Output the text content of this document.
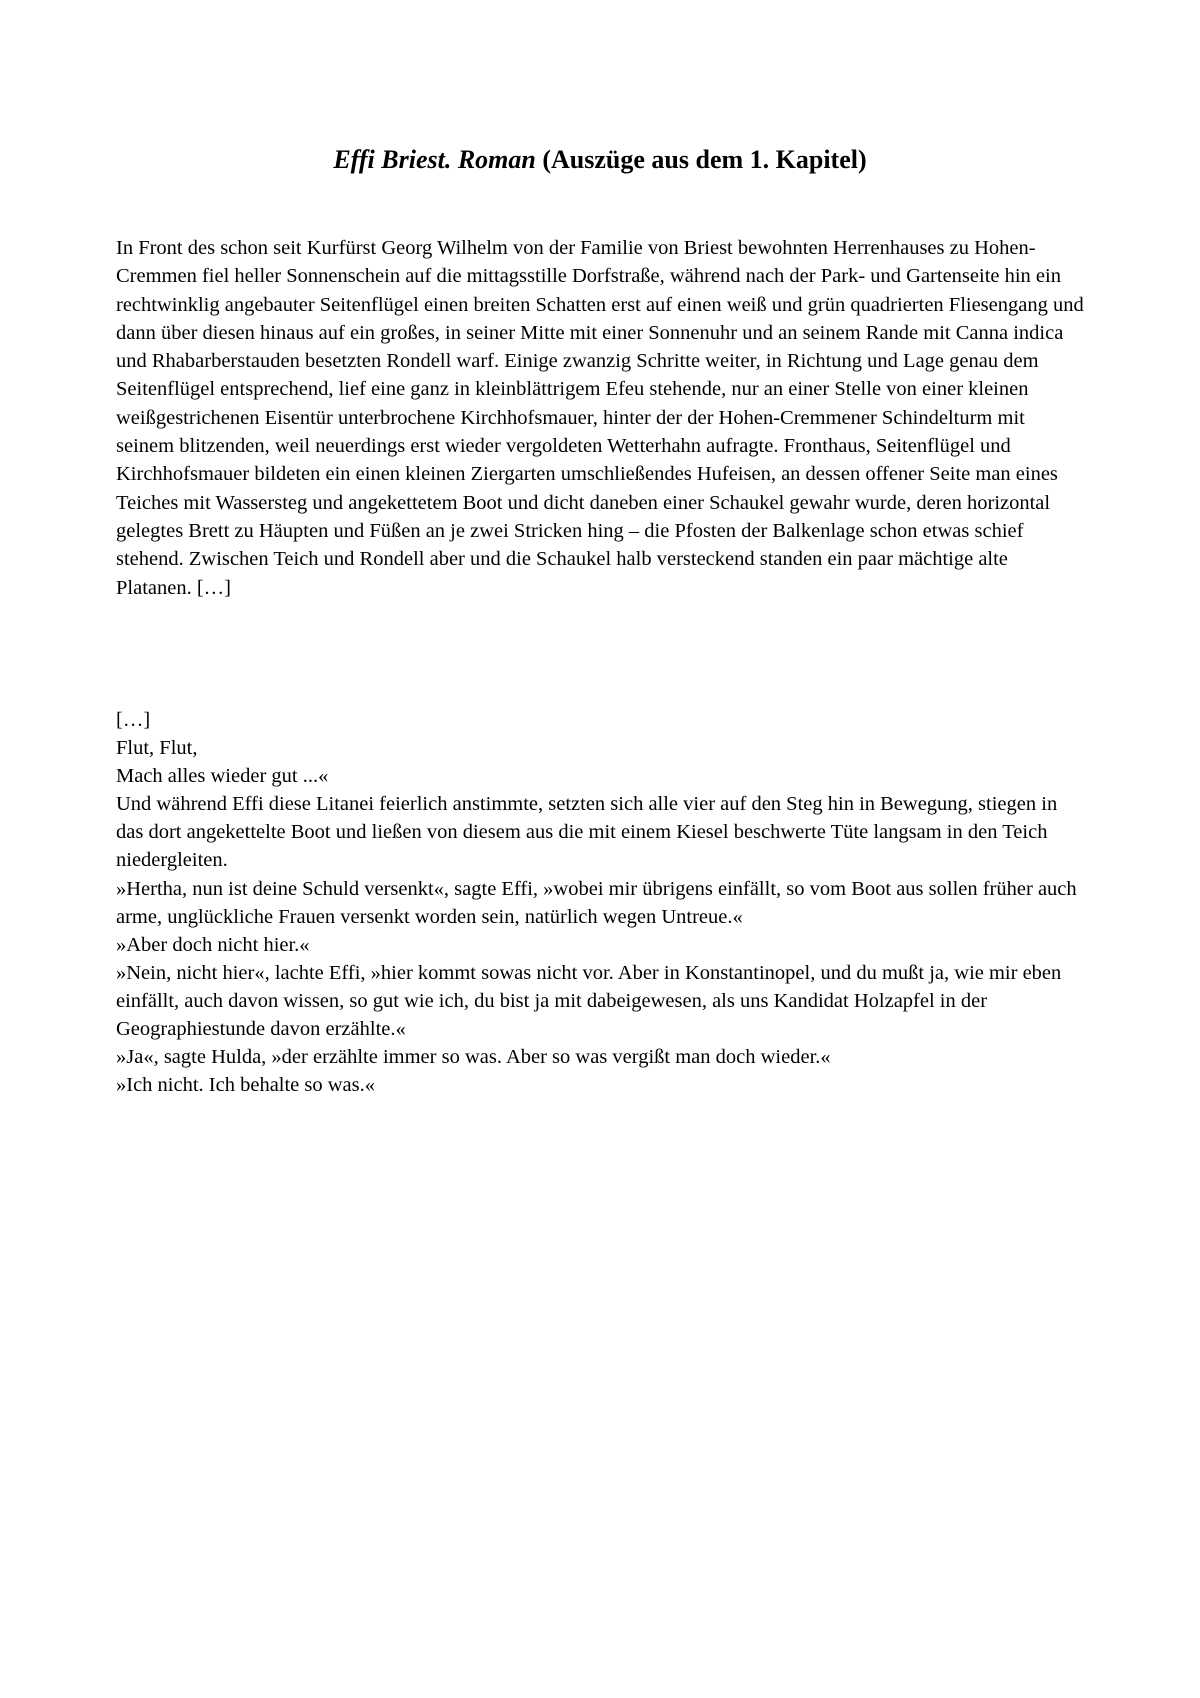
Effi Briest. Roman (Auszüge aus dem 1. Kapitel)

In Front des schon seit Kurfürst Georg Wilhelm von der Familie von Briest bewohnten Herrenhauses zu Hohen-Cremmen fiel heller Sonnenschein auf die mittagsstille Dorfstraße, während nach der Park- und Gartenseite hin ein rechtwinklig angebauter Seitenflügel einen breiten Schatten erst auf einen weiß und grün quadrierten Fliesengang und dann über diesen hinaus auf ein großes, in seiner Mitte mit einer Sonnenuhr und an seinem Rande mit Canna indica und Rhabarberstauden besetzten Rondell warf. Einige zwanzig Schritte weiter, in Richtung und Lage genau dem Seitenflügel entsprechend, lief eine ganz in kleinblättrigem Efeu stehende, nur an einer Stelle von einer kleinen weißgestrichenen Eisentür unterbrochene Kirchhofsmauer, hinter der der Hohen-Cremmener Schindelturm mit seinem blitzenden, weil neuerdings erst wieder vergoldeten Wetterhahn aufragte. Fronthaus, Seitenflügel und Kirchhofsmauer bildeten ein einen kleinen Ziergarten umschließendes Hufeisen, an dessen offener Seite man eines Teiches mit Wassersteg und angekettetem Boot und dicht daneben einer Schaukel gewahr wurde, deren horizontal gelegtes Brett zu Häupten und Füßen an je zwei Stricken hing – die Pfosten der Balkenlage schon etwas schief stehend. Zwischen Teich und Rondell aber und die Schaukel halb versteckend standen ein paar mächtige alte Platanen. […]

[…]
Flut, Flut,
Mach alles wieder gut ...«
Und während Effi diese Litanei feierlich anstimmte, setzten sich alle vier auf den Steg hin in Bewegung, stiegen in das dort angekettelte Boot und ließen von diesem aus die mit einem Kiesel beschwerte Tüte langsam in den Teich niedergleiten.
»Hertha, nun ist deine Schuld versenkt«, sagte Effi, »wobei mir übrigens einfällt, so vom Boot aus sollen früher auch arme, unglückliche Frauen versenkt worden sein, natürlich wegen Untreue.«
»Aber doch nicht hier.«
»Nein, nicht hier«, lachte Effi, »hier kommt sowas nicht vor. Aber in Konstantinopel, und du mußt ja, wie mir eben einfällt, auch davon wissen, so gut wie ich, du bist ja mit dabeigewesen, als uns Kandidat Holzapfel in der Geographiestunde davon erzählte.«
»Ja«, sagte Hulda, »der erzählte immer so was. Aber so was vergißt man doch wieder.«
»Ich nicht. Ich behalte so was.«
